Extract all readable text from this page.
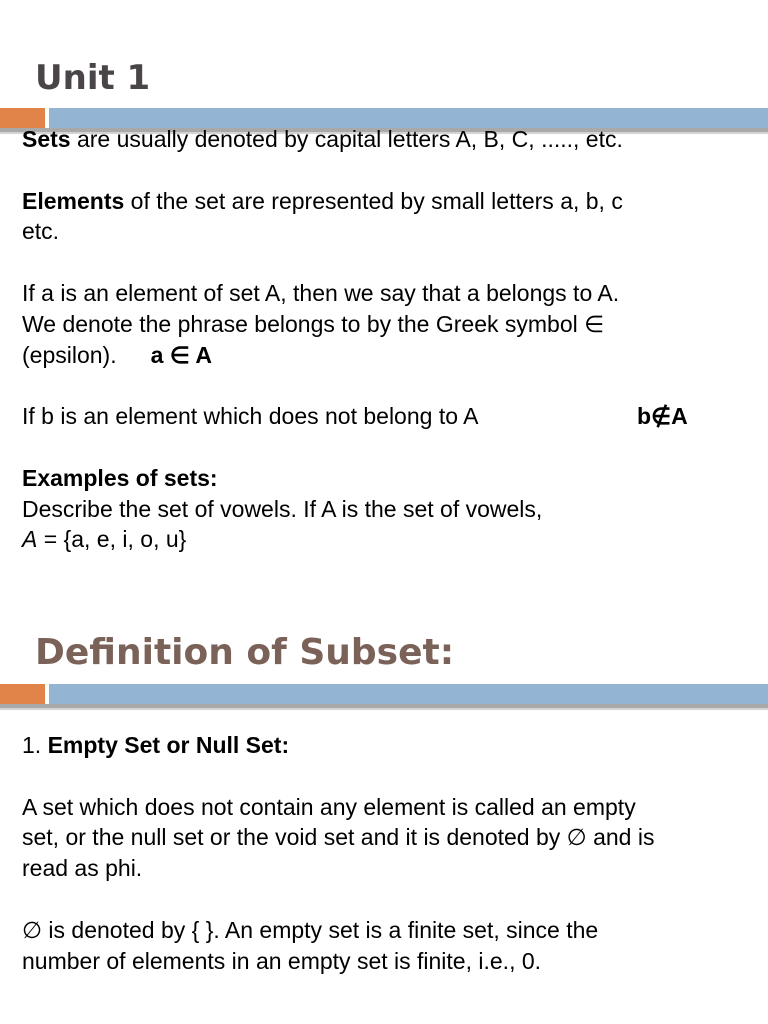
Unit 1

Sets are usually denoted by capital letters A, B, C, ....., etc.

Elements of the set are represented by small letters a, b, c

etc.

If a is an element of set A, then we say that a belongs to A.

We denote the phrase belongs to by the Greek symbol ∈

(epsilon). a ∈ A

If b is an element which does not belong to A	b∉A

Examples of sets:

Describe the set of vowels. If A is the set of vowels,

A = {a, e, i, o, u}

Definition of Subset:

1. Empty Set or Null Set:

A set which does not contain any element is called an empty

set, or the null set or the void set and it is denoted by ∅ and is

read as phi.

∅ is denoted by { }. An empty set is a finite set, since the

number of elements in an empty set is finite, i.e., 0.
